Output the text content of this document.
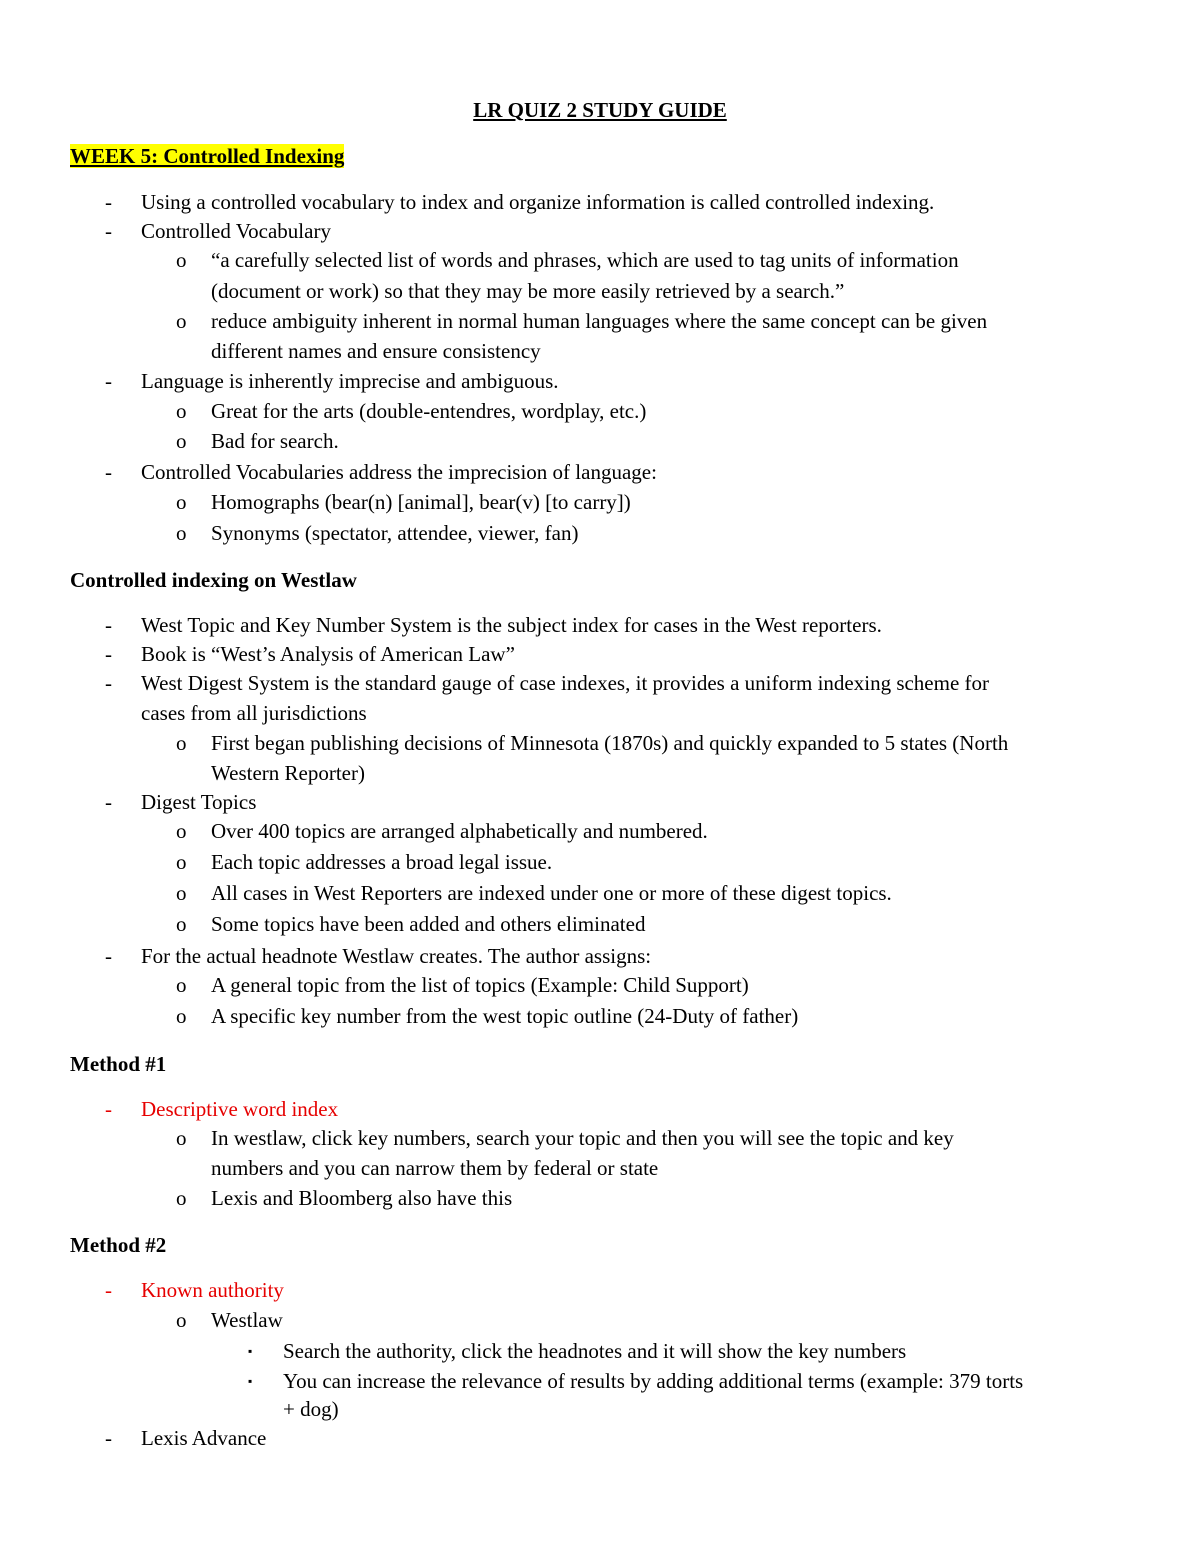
LR QUIZ 2 STUDY GUIDE
WEEK 5: Controlled Indexing
- Using a controlled vocabulary to index and organize information is called controlled indexing.
- Controlled Vocabulary
o “a carefully selected list of words and phrases, which are used to tag units of information
(document or work) so that they may be more easily retrieved by a search.”
o reduce ambiguity inherent in normal human languages where the same concept can be given
different names and ensure consistency
- Language is inherently imprecise and ambiguous.
o Great for the arts (double-entendres, wordplay, etc.)
o Bad for search.
- Controlled Vocabularies address the imprecision of language:
o Homographs (bear(n) [animal], bear(v) [to carry])
o Synonyms (spectator, attendee, viewer, fan)
Controlled indexing on Westlaw
- West Topic and Key Number System is the subject index for cases in the West reporters.
- Book is “West’s Analysis of American Law”
- West Digest System is the standard gauge of case indexes, it provides a uniform indexing scheme for
cases from all jurisdictions
o First began publishing decisions of Minnesota (1870s) and quickly expanded to 5 states (North
Western Reporter)
- Digest Topics
o Over 400 topics are arranged alphabetically and numbered.
o Each topic addresses a broad legal issue.
o All cases in West Reporters are indexed under one or more of these digest topics.
o Some topics have been added and others eliminated
- For the actual headnote Westlaw creates. The author assigns:
o A general topic from the list of topics (Example: Child Support)
o A specific key number from the west topic outline (24-Duty of father)
Method #1
- Descriptive word index
o In westlaw, click key numbers, search your topic and then you will see the topic and key
numbers and you can narrow them by federal or state
o Lexis and Bloomberg also have this
Method #2
- Known authority
o Westlaw
▪ Search the authority, click the headnotes and it will show the key numbers
▪ You can increase the relevance of results by adding additional terms (example: 379 torts
+ dog)
- Lexis Advance
